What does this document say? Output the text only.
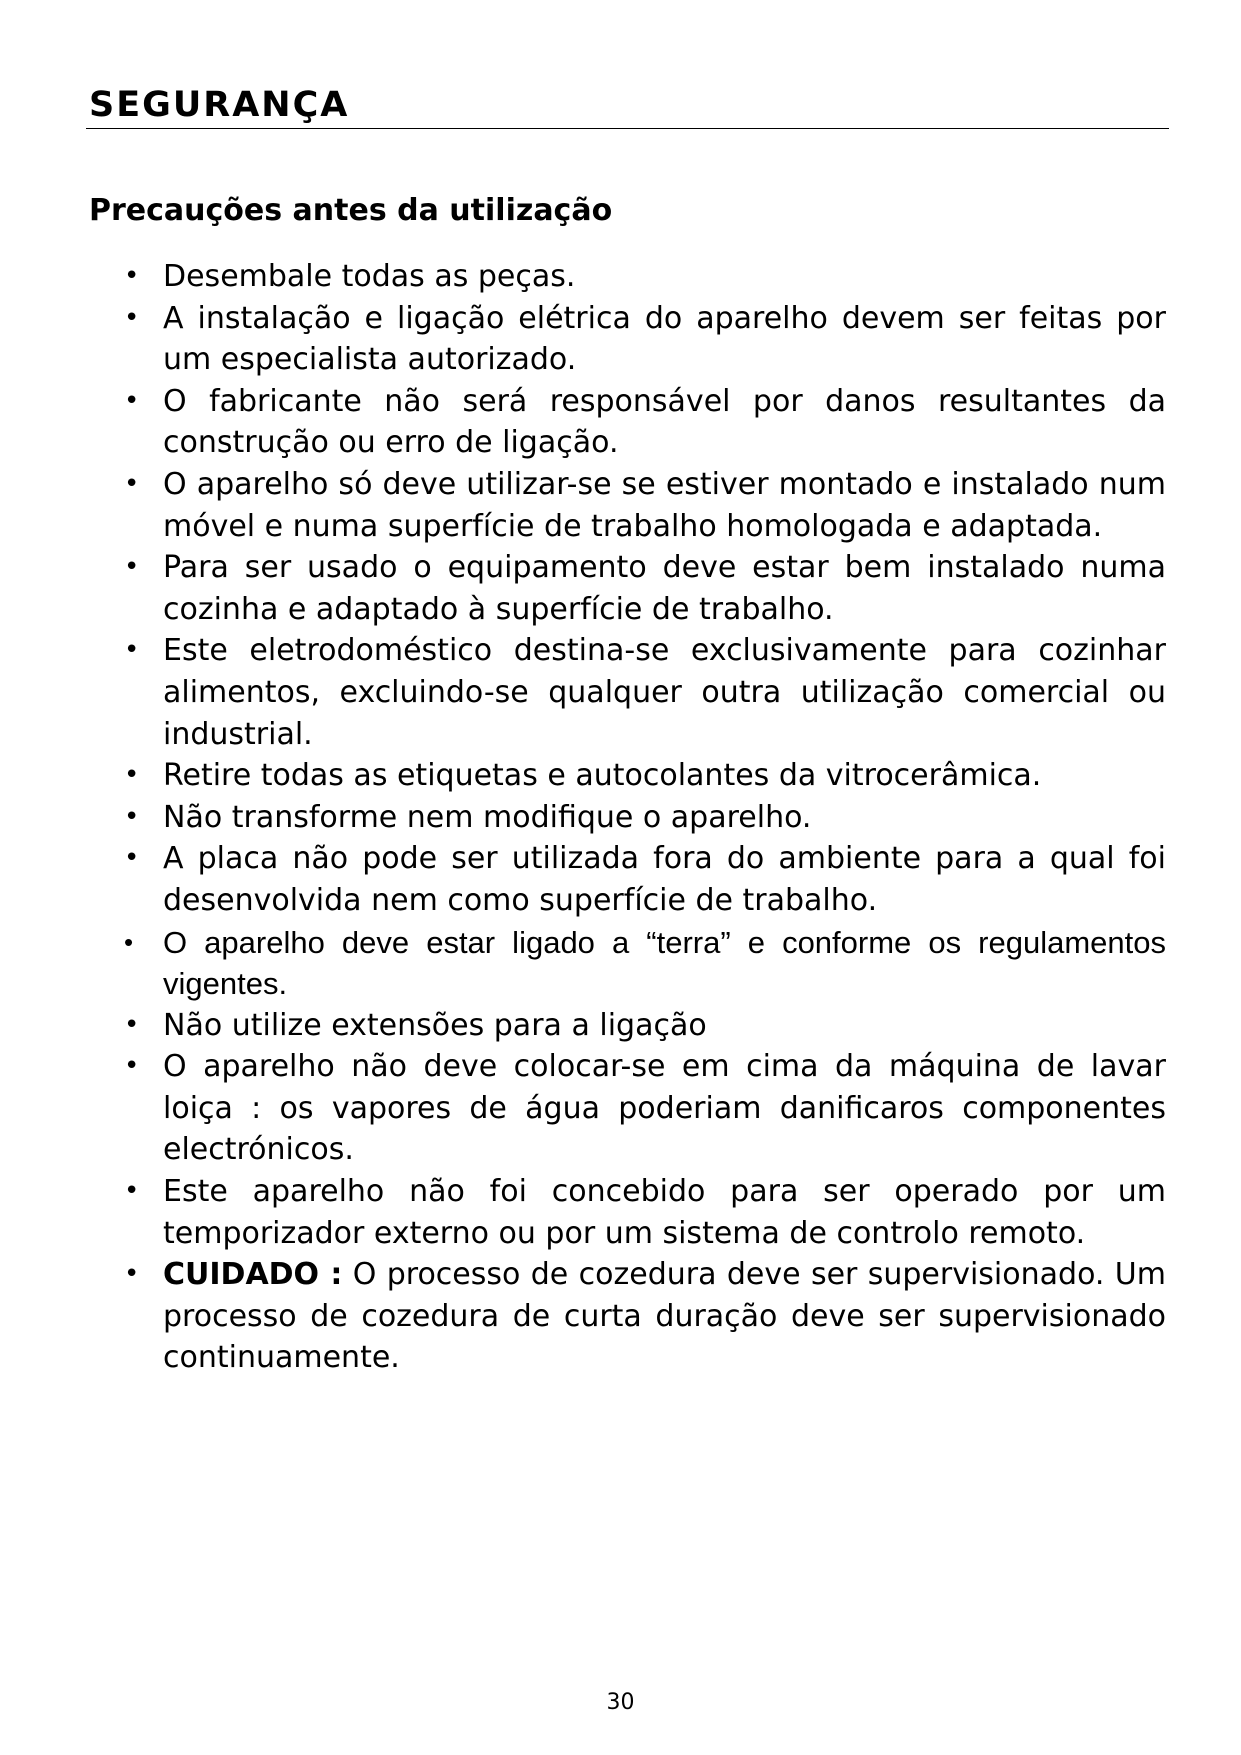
SEGURANÇA
Precauções antes da utilização
• Desembale todas as peças.
• A instalação e ligação elétrica do aparelho devem ser feitas por um especialista autorizado.
• O fabricante não será responsável por danos resultantes da construção ou erro de ligação.
• O aparelho só deve utilizar-se se estiver montado e instalado num móvel e numa superfície de trabalho homologada e adaptada.
• Para ser usado o equipamento deve estar bem instalado numa cozinha e adaptado à superfície de trabalho.
• Este eletrodoméstico destina-se exclusivamente para cozinhar alimentos, excluindo-se qualquer outra utilização comercial ou industrial.
• Retire todas as etiquetas e autocolantes da vitrocerâmica.
• Não transforme nem modifique o aparelho.
• A placa não pode ser utilizada fora do ambiente para a qual foi desenvolvida nem como superfície de trabalho.
• O aparelho deve estar ligado a “terra” e conforme os regulamentos vigentes.
• Não utilize extensões para a ligação
• O aparelho não deve colocar-se em cima da máquina de lavar loiça : os vapores de água poderiam danificaros componentes electrónicos.
• Este aparelho não foi concebido para ser operado por um temporizador externo ou por um sistema de controlo remoto.
• CUIDADO : O processo de cozedura deve ser supervisionado. Um processo de cozedura de curta duração deve ser supervisionado continuamente.
30
